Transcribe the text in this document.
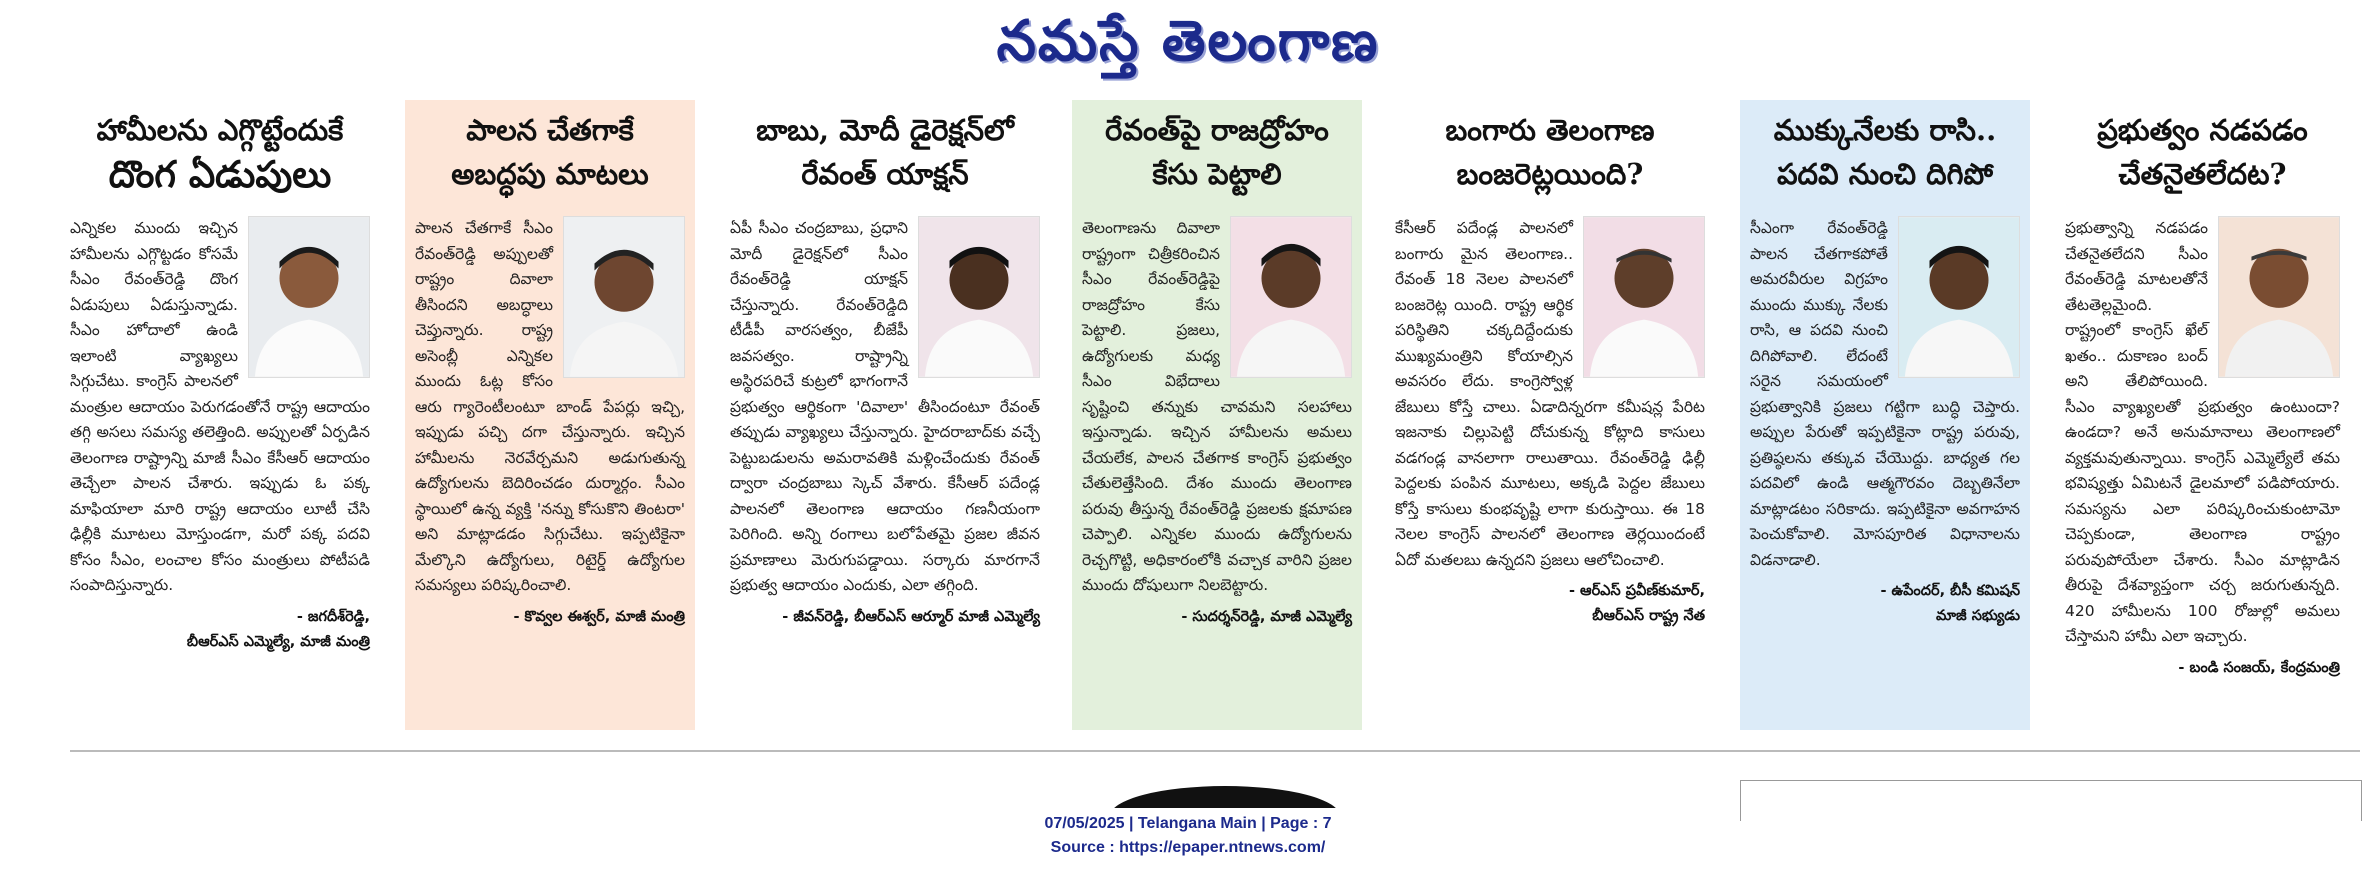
నమస్తే తెలంగాణ
హామీలను ఎగ్గొట్టేందుకే
దొంగ ఏడుపులు
ఎన్నికల ముందు ఇచ్చిన హామీలను ఎగ్గొట్టడం కోసమే సీఎం రేవంత్‌రెడ్డి దొంగ ఏడుపులు ఏడుస్తున్నాడు. సీఎం హోదాలో ఉండి ఇలాంటి వ్యాఖ్యలు సిగ్గుచేటు. కాంగ్రెస్ పాలనలో మంత్రుల ఆదాయం పెరుగడంతోనే రాష్ట్ర ఆదాయం తగ్గి అసలు సమస్య తలెత్తింది. అప్పులతో ఏర్పడిన తెలంగాణ రాష్ట్రాన్ని మాజీ సీఎం కేసీఆర్ ఆదాయం తెచ్చేలా పాలన చేశారు. ఇప్పుడు ఓ పక్క మాఫియాలా మారి రాష్ట్ర ఆదాయం లూటీ చేసి ఢిల్లీకి మూటలు మోస్తుండగా, మరో పక్క పదవి కోసం సీఎం, లంచాల కోసం మంత్రులు పోటీపడి సంపాదిస్తున్నారు.
- జగదీశ్‌రెడ్డి,
బీఆర్‌ఎస్ ఎమ్మెల్యే, మాజీ మంత్రి
పాలన చేతగాకే
అబద్ధపు మాటలు
పాలన చేతగాకే సీఎం రేవంత్‌రెడ్డి అప్పులతో రాష్ట్రం దివాలా తీసిందని అబద్ధాలు చెప్తున్నారు. రాష్ట్ర అసెంబ్లీ ఎన్నికల ముందు ఓట్ల కోసం ఆరు గ్యారెంటీలంటూ బాండ్ పేపర్లు ఇచ్చి, ఇప్పుడు పచ్చి దగా చేస్తున్నారు. ఇచ్చిన హామీలను నెరవేర్చమని అడుగుతున్న ఉద్యోగులను బెదిరించడం దుర్మార్గం. సీఎం స్థాయిలో ఉన్న వ్యక్తి 'నన్ను కోసుకొని తింటరా' అని మాట్లాడడం సిగ్గుచేటు. ఇప్పటికైనా మేల్కొని ఉద్యోగులు, రిటైర్డ్ ఉద్యోగుల సమస్యలు పరిష్కరించాలి.
- కొవ్వల ఈశ్వర్, మాజీ మంత్రి
బాబు, మోదీ డైరెక్షన్‌లో
రేవంత్ యాక్షన్
ఏపీ సీఎం చంద్రబాబు, ప్రధాని మోదీ డైరెక్షన్‌లో సీఎం రేవంత్‌రెడ్డి యాక్షన్ చేస్తున్నారు. రేవంత్‌రెడ్డిది టీడీపీ వారసత్వం, బీజేపీ జవసత్వం. రాష్ట్రాన్ని అస్థిరపరిచే కుట్రలో భాగంగానే ప్రభుత్వం ఆర్థికంగా 'దివాలా' తీసిందంటూ రేవంత్ తప్పుడు వ్యాఖ్యలు చేస్తున్నారు. హైదరాబాద్‌కు వచ్చే పెట్టుబడులను అమరావతికి మళ్లించేందుకు రేవంత్ ద్వారా చంద్రబాబు స్కెచ్ వేశారు. కేసీఆర్ పదేండ్ల పాలనలో తెలంగాణ ఆదాయం గణనీయంగా పెరిగింది. అన్ని రంగాలు బలోపేతమై ప్రజల జీవన ప్రమాణాలు మెరుగుపడ్డాయి. సర్కారు మారగానే ప్రభుత్వ ఆదాయం ఎందుకు, ఎలా తగ్గింది.
- జీవన్‌రెడ్డి, బీఆర్‌ఎస్ ఆర్మూర్ మాజీ ఎమ్మెల్యే
రేవంత్‌పై రాజద్రోహం
కేసు పెట్టాలి
తెలంగాణను దివాలా రాష్ట్రంగా చిత్రీకరించిన సీఎం రేవంత్‌రెడ్డిపై రాజద్రోహం కేసు పెట్టాలి. ప్రజలు, ఉద్యోగులకు మధ్య సీఎం విభేదాలు సృష్టించి తన్నుకు చావమని సలహాలు ఇస్తున్నాడు. ఇచ్చిన హామీలను అమలు చేయలేక, పాలన చేతగాక కాంగ్రెస్ ప్రభుత్వం చేతులెత్తేసింది. దేశం ముందు తెలంగాణ పరువు తీస్తున్న రేవంత్‌రెడ్డి ప్రజలకు క్షమాపణ చెప్పాలి. ఎన్నికల ముందు ఉద్యోగులను రెచ్చగొట్టి, అధికారంలోకి వచ్చాక వారిని ప్రజల ముందు దోషులుగా నిలబెట్టారు.
- సుదర్శన్‌రెడ్డి, మాజీ ఎమ్మెల్యే
బంగారు తెలంగాణ
బంజరెట్లయింది?
కేసీఆర్ పదేండ్ల పాలనలో బంగారు మైన తెలంగాణ.. రేవంత్ 18 నెలల పాలనలో బంజరెట్ల యింది. రాష్ట్ర ఆర్థిక పరిస్థితిని చక్కదిద్దేందుకు ముఖ్యమంత్రిని కోయాల్సిన అవసరం లేదు. కాంగ్రెస్వోళ్ల జేబులు కోస్తే చాలు. ఏడాదిన్నరగా కమీషన్ల పేరిట ఇజనాకు చిల్లుపెట్టి దోచుకున్న కోట్లాది కాసులు వడగండ్ల వానలాగా రాలుతాయి. రేవంత్‌రెడ్డి ఢిల్లీ పెద్దలకు పంపిన మూటలు, అక్కడి పెద్దల జేబులు కోస్తే కాసులు కుంభవృష్టి లాగా కురుస్తాయి. ఈ 18 నెలల కాంగ్రెస్ పాలనలో తెలంగాణ తెర్లయిందంటే ఏదో మతలబు ఉన్నదని ప్రజలు ఆలోచించాలి.
- ఆర్ఎస్ ప్రవీణ్‌కుమార్,
బీఆర్‌ఎస్ రాష్ట్ర నేత
ముక్కునేలకు రాసి..
పదవి నుంచి దిగిపో
సీఎంగా రేవంత్‌రెడ్డి పాలన చేతగాకపోతే అమరవీరుల విగ్రహం ముందు ముక్కు నేలకు రాసి, ఆ పదవి నుంచి దిగిపోవాలి. లేదంటే సరైన సమయంలో ప్రభుత్వానికి ప్రజలు గట్టిగా బుద్ధి చెప్తారు. అప్పుల పేరుతో ఇప్పటికైనా రాష్ట్ర పరువు, ప్రతిష్ఠలను తక్కువ చేయొద్దు. బాధ్యత గల పదవిలో ఉండి ఆత్మగౌరవం దెబ్బతినేలా మాట్లాడటం సరికాదు. ఇప్పటికైనా అవగాహన పెంచుకోవాలి. మోసపూరిత విధానాలను విడనాడాలి.
- ఉపేందర్, బీసీ కమిషన్
మాజీ సభ్యుడు
ప్రభుత్వం నడపడం
చేతనైతలేదట?
ప్రభుత్వాన్ని నడపడం చేతనైతలేదని సీఎం రేవంత్‌రెడ్డి మాటలతోనే తేటతెల్లమైంది. రాష్ట్రంలో కాంగ్రెస్ ఖేల్ ఖతం.. దుకాణం బంద్ అని తేలిపోయింది. సీఎం వ్యాఖ్యలతో ప్రభుత్వం ఉంటుందా? ఉండదా? అనే అనుమానాలు తెలంగాణలో వ్యక్తమవుతున్నాయి. కాంగ్రెస్ ఎమ్మెల్యేలే తమ భవిష్యత్తు ఏమిటనే డైలమాలో పడిపోయారు. సమస్యను ఎలా పరిష్కరించుకుంటామో చెప్పకుండా, తెలంగాణ రాష్ట్రం పరువుపోయేలా చేశారు. సీఎం మాట్లాడిన తీరుపై దేశవ్యాప్తంగా చర్చ జరుగుతున్నది. 420 హామీలను 100 రోజుల్లో అమలు చేస్తామని హామీ ఎలా ఇచ్చారు.
- బండి సంజయ్, కేంద్రమంత్రి
07/05/2025 | Telangana Main | Page : 7
Source : https://epaper.ntnews.com/
